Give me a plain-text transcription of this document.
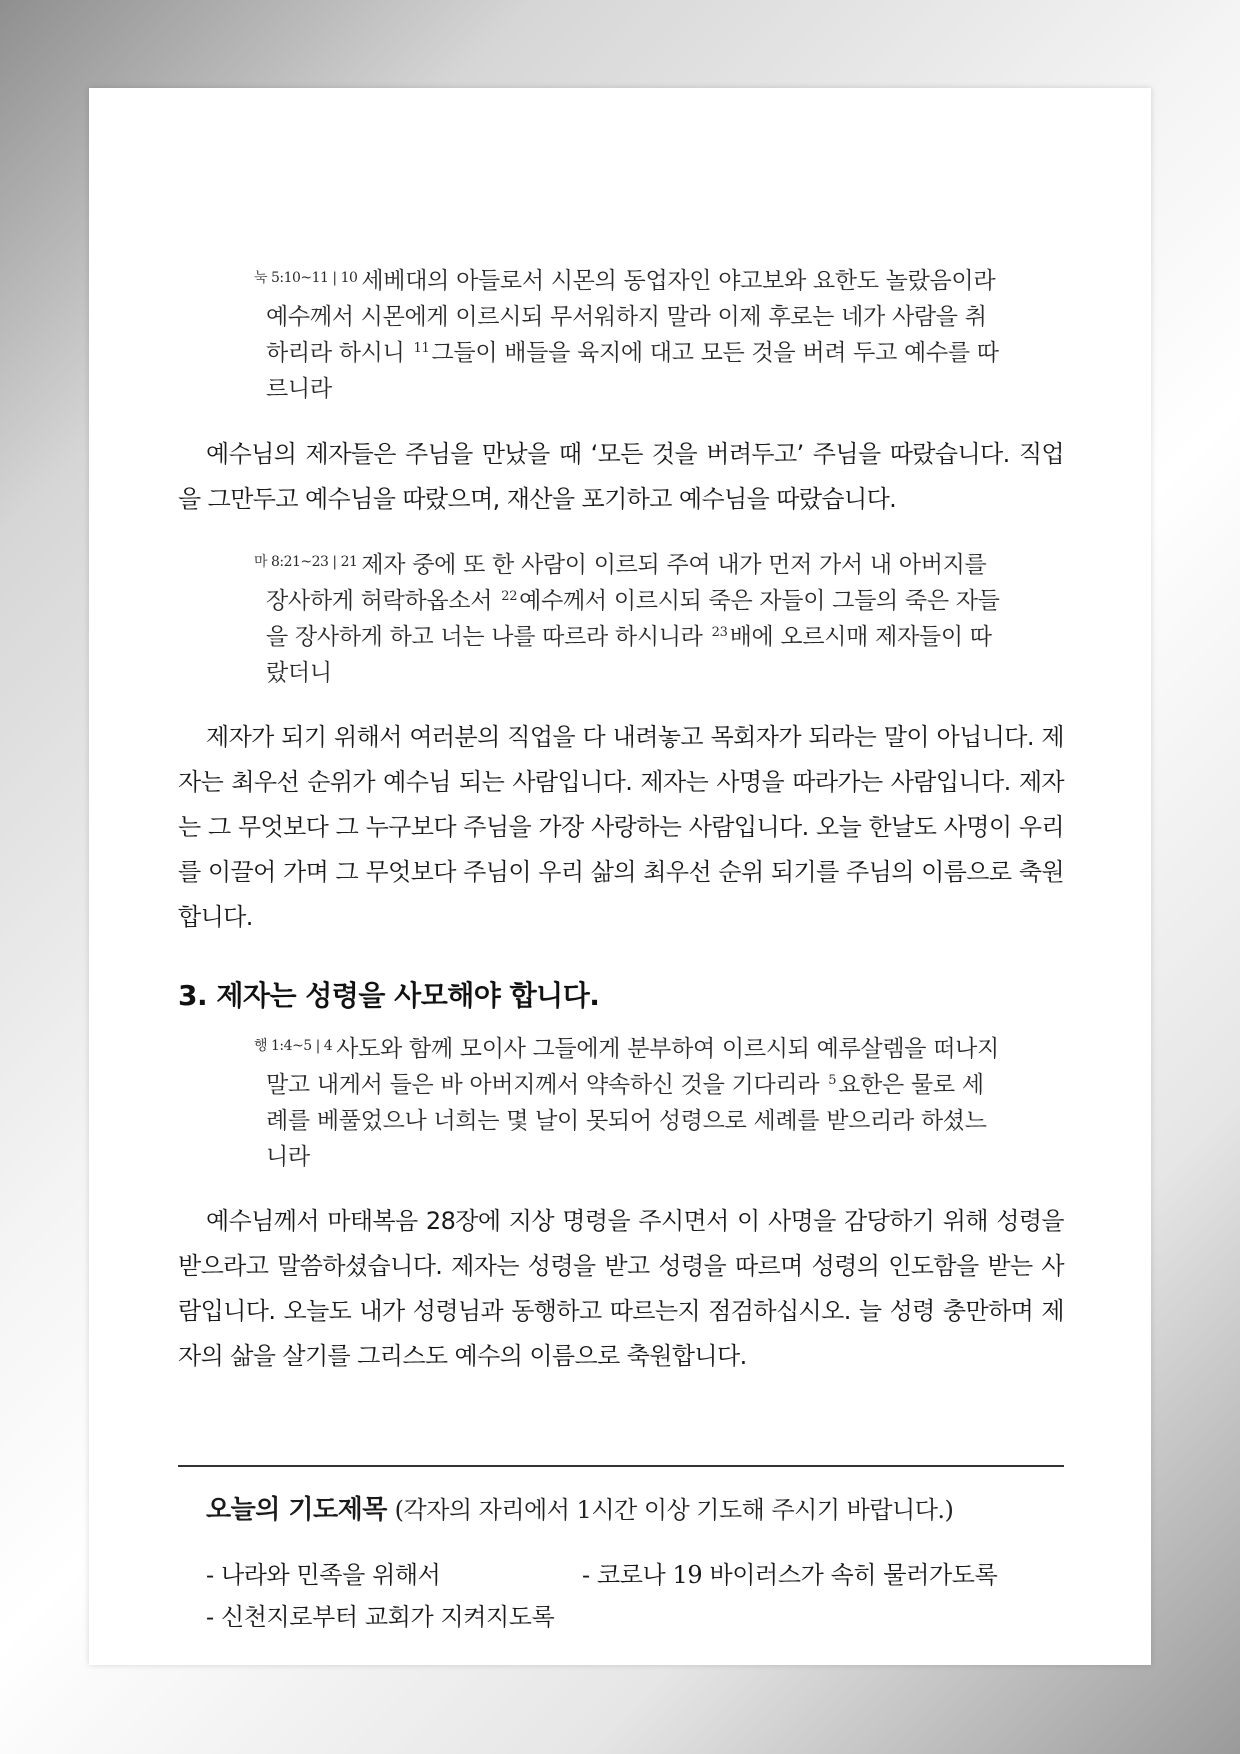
$^{눅 5:10\sim 11 | 10}$ 세베대의 아들로서 시몬의 동업자인 야고보와 요한도 놀랐음이라 예수께서 시몬에게 이르시되 무서워하지 말라 이제 후로는 네가 사람을 취하리라 하시니 $^{11}$그들이 배들을 육지에 대고 모든 것을 버려 두고 예수를 따르니라
예수님의 제자들은 주님을 만났을 때 ‘모든 것을 버려두고’ 주님을 따랐습니다. 직업을 그만두고 예수님을 따랐으며, 재산을 포기하고 예수님을 따랐습니다.
$^{마 8:21\sim 23 | 21}$ 제자 중에 또 한 사람이 이르되 주여 내가 먼저 가서 내 아버지를 장사하게 허락하옵소서 $^{22}$예수께서 이르시되 죽은 자들이 그들의 죽은 자들을 장사하게 하고 너는 나를 따르라 하시니라 $^{23}$배에 오르시매 제자들이 따랐더니
제자가 되기 위해서 여러분의 직업을 다 내려놓고 목회자가 되라는 말이 아닙니다. 제자는 최우선 순위가 예수님 되는 사람입니다. 제자는 사명을 따라가는 사람입니다. 제자는 그 무엇보다 그 누구보다 주님을 가장 사랑하는 사람입니다. 오늘 한날도 사명이 우리를 이끌어 가며 그 무엇보다 주님이 우리 삶의 최우선 순위 되기를 주님의 이름으로 축원합니다.
3. 제자는 성령을 사모해야 합니다.
$^{행 1:4\sim 5 | 4}$ 사도와 함께 모이사 그들에게 분부하여 이르시되 예루살렘을 떠나지 말고 내게서 들은 바 아버지께서 약속하신 것을 기다리라 $^5$요한은 물로 세례를 베풀었으나 너희는 몇 날이 못되어 성령으로 세례를 받으리라 하셨느니라
예수님께서 마태복음 28장에 지상 명령을 주시면서 이 사명을 감당하기 위해 성령을 받으라고 말씀하셨습니다. 제자는 성령을 받고 성령을 따르며 성령의 인도함을 받는 사람입니다. 오늘도 내가 성령님과 동행하고 따르는지 점검하십시오. 늘 성령 충만하며 제자의 삶을 살기를 그리스도 예수의 이름으로 축원합니다.
오늘의 기도제목 (각자의 자리에서 1시간 이상 기도해 주시기 바랍니다.)
- 나라와 민족을 위해서	- 코로나 19 바이러스가 속히 물러가도록
- 신천지로부터 교회가 지켜지도록
